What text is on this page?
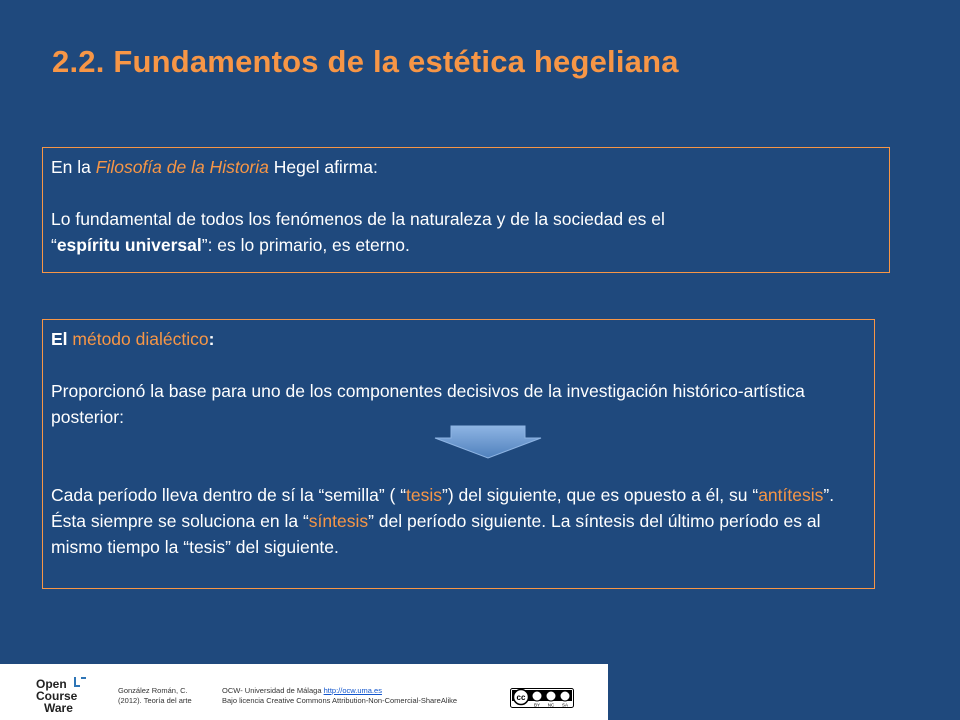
2.2. Fundamentos de la estética hegeliana

En la Filosofía de la Historia Hegel afirma:

Lo fundamental de todos los fenómenos de la naturaleza y de la sociedad es el
“espíritu universal”: es lo primario, es eterno.

El método dialéctico:

Proporcionó la base para uno de los componentes decisivos de la investigación histórico-artística posterior:

Cada período lleva dentro de sí la “semilla” ( “tesis”) del siguiente, que es opuesto a él, su “antítesis”. Ésta siempre se soluciona en la “síntesis” del período siguiente. La síntesis del último período es al mismo tiempo la “tesis” del siguiente.

Open
Course
Ware
González Román, C.
(2012). Teoría del arte
OCW- Universidad de Málaga http://ocw.uma.es
Bajo licencia Creative Commons Attribution-Non-Comercial-ShareAlike	cc
BY NC SA
